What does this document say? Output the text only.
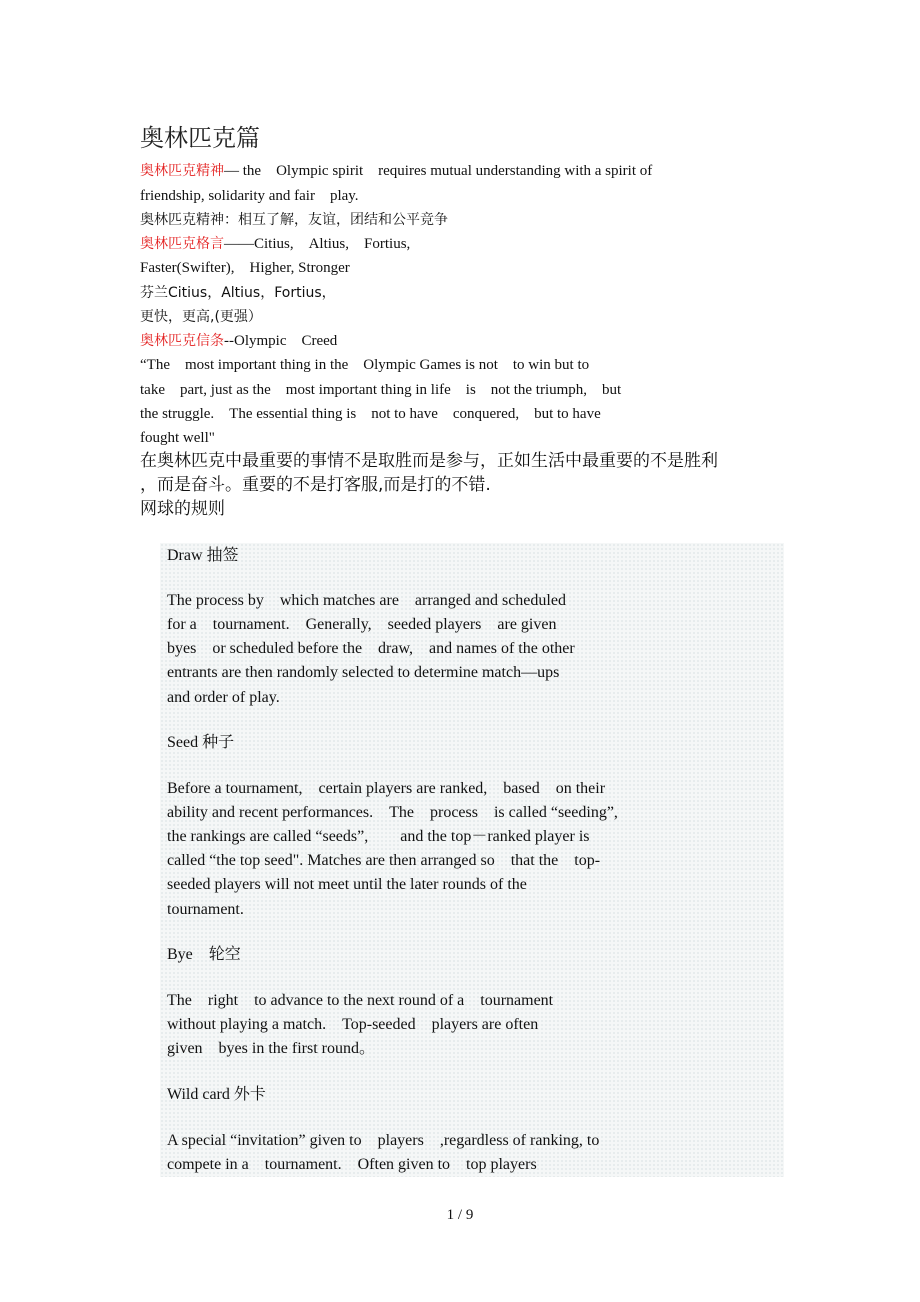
奥林匹克篇
奥林匹克精神— the　Olympic spirit　requires mutual understanding with a spirit of
friendship, solidarity and fair　play.
奥林匹克精神：相互了解，友谊，团结和公平竞争
奥林匹克格言——Citius,　Altius,　Fortius,
Faster(Swifter),　Higher, Stronger
芬兰Citius，Altius，Fortius，
更快，更高,(更强）
奥林匹克信条--Olympic　Creed
“The　most important thing in the　Olympic Games is not　to win but to
take　part, just as the　most important thing in life　is　not the triumph,　but
the struggle.　The essential thing is　not to have　conquered,　but to have
fought well"
在奥林匹克中最重要的事情不是取胜而是参与，正如生活中最重要的不是胜利
，而是奋斗。重要的不是打客服,而是打的不错.
网球的规则
Draw 抽签
The process by　which matches are　arranged and scheduled
for a　tournament.　Generally,　seeded players　are given
byes　or scheduled before the　draw,　and names of the other
entrants are then randomly selected to determine match—ups
and order of play.
Seed 种子
Before a tournament,　certain players are ranked,　based　on their
ability and recent performances.　The　process　is called “seeding”,
the rankings are called “seeds”,　　and the top－ranked player is
called “the top seed". Matches are then arranged so　that the　top-
seeded players will not meet until the later rounds of the
tournament.
Bye　轮空
The　right　to advance to the next round of a　tournament
without playing a match.　Top-seeded　players are often
given　byes in the first round。
Wild card 外卡
A special “invitation” given to　players　,regardless of ranking, to
compete in a　tournament.　Often given to　top players
1 / 9
